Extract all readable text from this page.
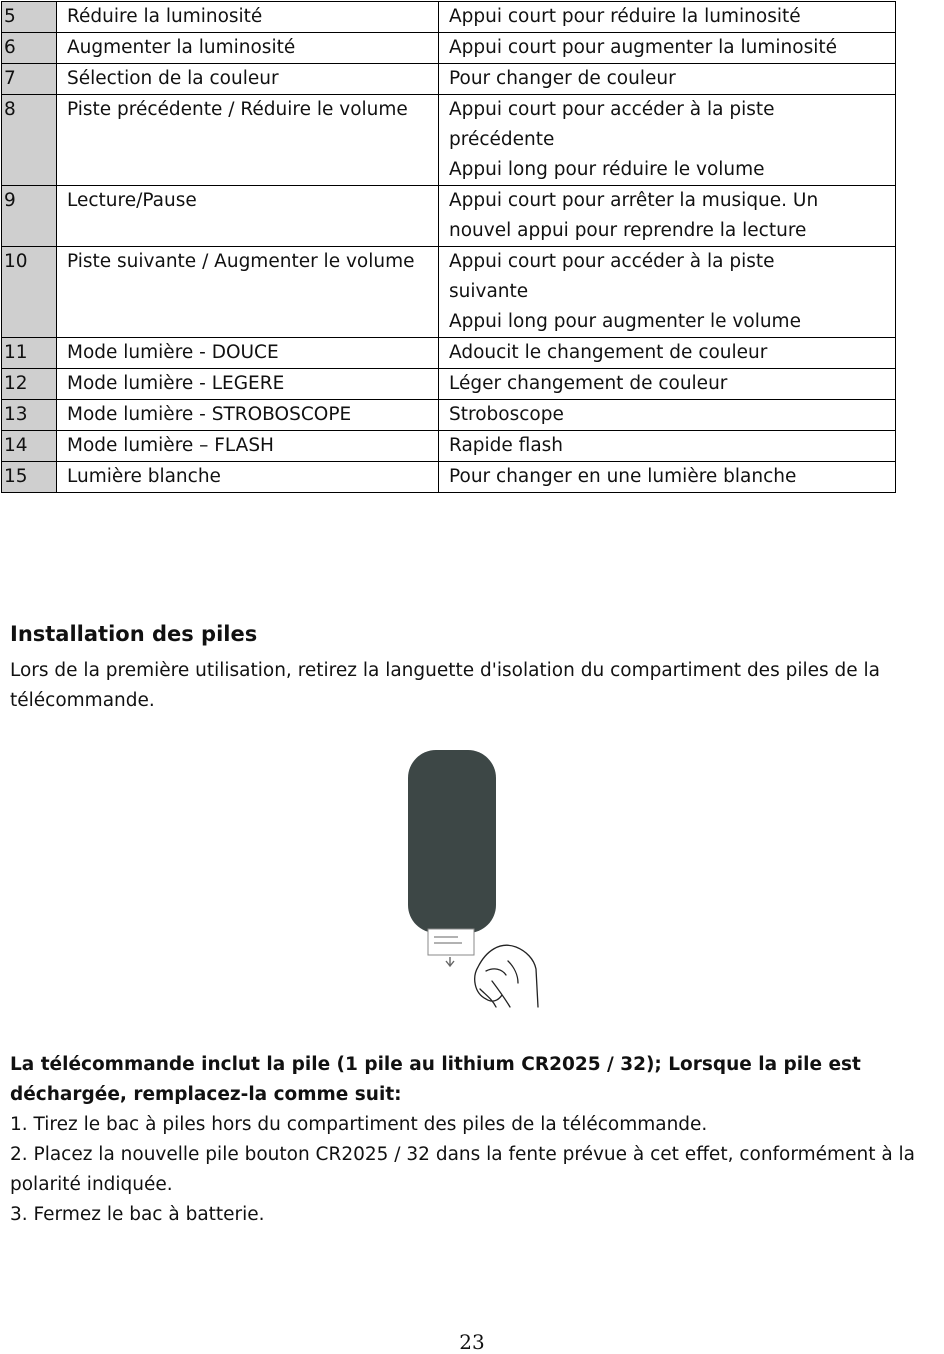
5	Réduire la luminosité	Appui court pour réduire la luminosité
6	Augmenter la luminosité	Appui court pour augmenter la luminosité
7	Sélection de la couleur	Pour changer de couleur
8	Piste précédente / Réduire le volume	Appui court pour accéder à la piste
précédente
Appui long pour réduire le volume
9	Lecture/Pause	Appui court pour arrêter la musique. Un
nouvel appui pour reprendre la lecture
10	Piste suivante / Augmenter le volume	Appui court pour accéder à la piste
suivante
Appui long pour augmenter le volume
11	Mode lumière - DOUCE	Adoucit le changement de couleur
12	Mode lumière - LEGERE	Léger changement de couleur
13	Mode lumière - STROBOSCOPE	Stroboscope
14	Mode lumière – FLASH	Rapide flash
15	Lumière blanche	Pour changer en une lumière blanche
Installation des piles

Lors de la première utilisation, retirez la languette d'isolation du compartiment des piles de la télécommande.

La télécommande inclut la pile (1 pile au lithium CR2025 / 32); Lorsque la pile est déchargée, remplacez-la comme suit:

1. Tirez le bac à piles hors du compartiment des piles de la télécommande.

2. Placez la nouvelle pile bouton CR2025 / 32 dans la fente prévue à cet effet, conformément à la polarité indiquée.

3. Fermez le bac à batterie.

23
